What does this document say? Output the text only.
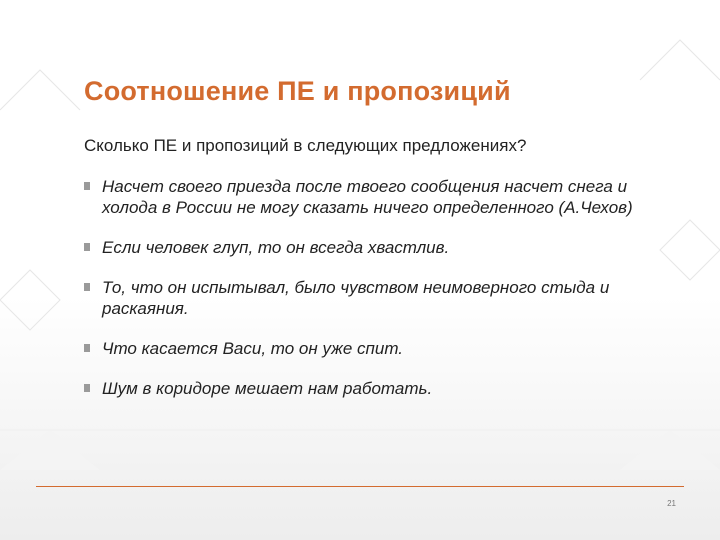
Соотношение ПЕ и пропозиций

Сколько ПЕ и пропозиций в следующих предложениях?

Насчет своего приезда после твоего сообщения насчет снега и холода в России не могу сказать ничего определенного (А.Чехов)
Если человек глуп, то он всегда хвастлив.
То, что он испытывал, было чувством неимоверного стыда и раскаяния.
Что касается Васи, то он уже спит.
Шум в коридоре мешает нам работать.
21
